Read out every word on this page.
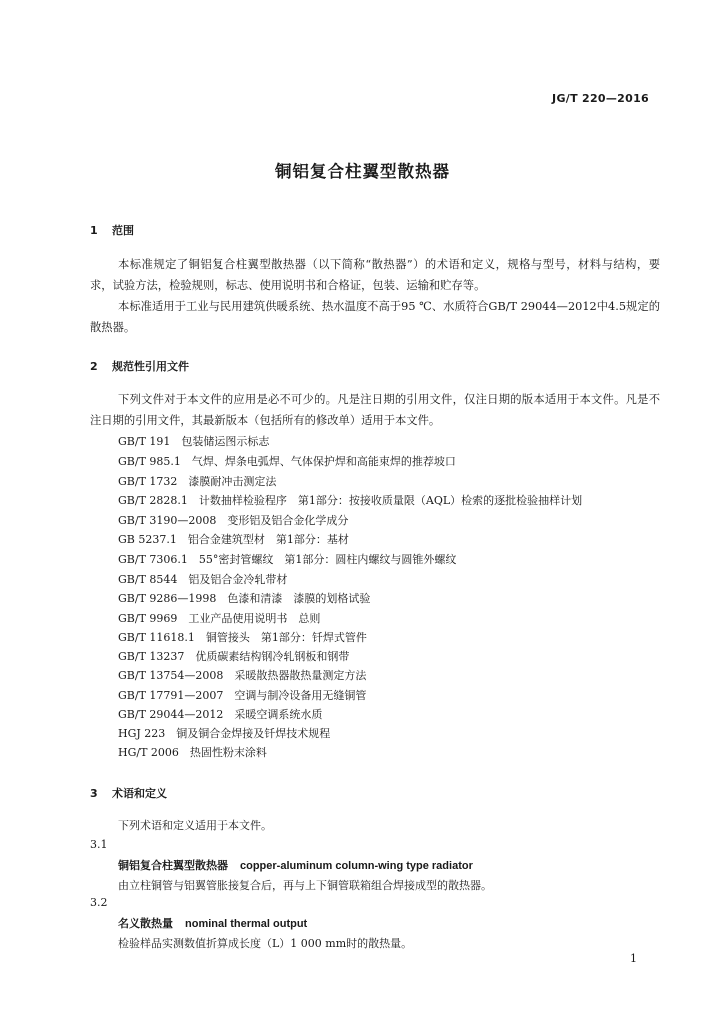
JG/T 220—2016
铜铝复合柱翼型散热器
1 范围
本标准规定了铜铝复合柱翼型散热器（以下简称“散热器”）的术语和定义，规格与型号，材料与结构，要求，试验方法，检验规则，标志、使用说明书和合格证，包装、运输和贮存等。
本标准适用于工业与民用建筑供暖系统、热水温度不高于95 ℃、水质符合GB/T 29044—2012中4.5规定的散热器。
2 规范性引用文件
下列文件对于本文件的应用是必不可少的。凡是注日期的引用文件，仅注日期的版本适用于本文件。凡是不注日期的引用文件，其最新版本（包括所有的修改单）适用于本文件。
GB/T 191　包装储运图示标志
GB/T 985.1　气焊、焊条电弧焊、气体保护焊和高能束焊的推荐坡口
GB/T 1732　漆膜耐冲击测定法
GB/T 2828.1　计数抽样检验程序　第1部分：按接收质量限（AQL）检索的逐批检验抽样计划
GB/T 3190—2008　变形铝及铝合金化学成分
GB 5237.1　铝合金建筑型材　第1部分：基材
GB/T 7306.1　55°密封管螺纹　第1部分：圆柱内螺纹与圆锥外螺纹
GB/T 8544　铝及铝合金冷轧带材
GB/T 9286—1998　色漆和清漆　漆膜的划格试验
GB/T 9969　工业产品使用说明书　总则
GB/T 11618.1　铜管接头　第1部分：钎焊式管件
GB/T 13237　优质碳素结构钢冷轧钢板和钢带
GB/T 13754—2008　采暖散热器散热量测定方法
GB/T 17791—2007　空调与制冷设备用无缝铜管
GB/T 29044—2012　采暖空调系统水质
HGJ 223　铜及铜合金焊接及钎焊技术规程
HG/T 2006　热固性粉末涂料
3 术语和定义
下列术语和定义适用于本文件。
3.1
铜铝复合柱翼型散热器 copper-aluminum column-wing type radiator
由立柱铜管与铝翼管胀接复合后，再与上下铜管联箱组合焊接成型的散热器。
3.2
名义散热量 nominal thermal output
检验样品实测数值折算成长度（L）1 000 mm时的散热量。
1
